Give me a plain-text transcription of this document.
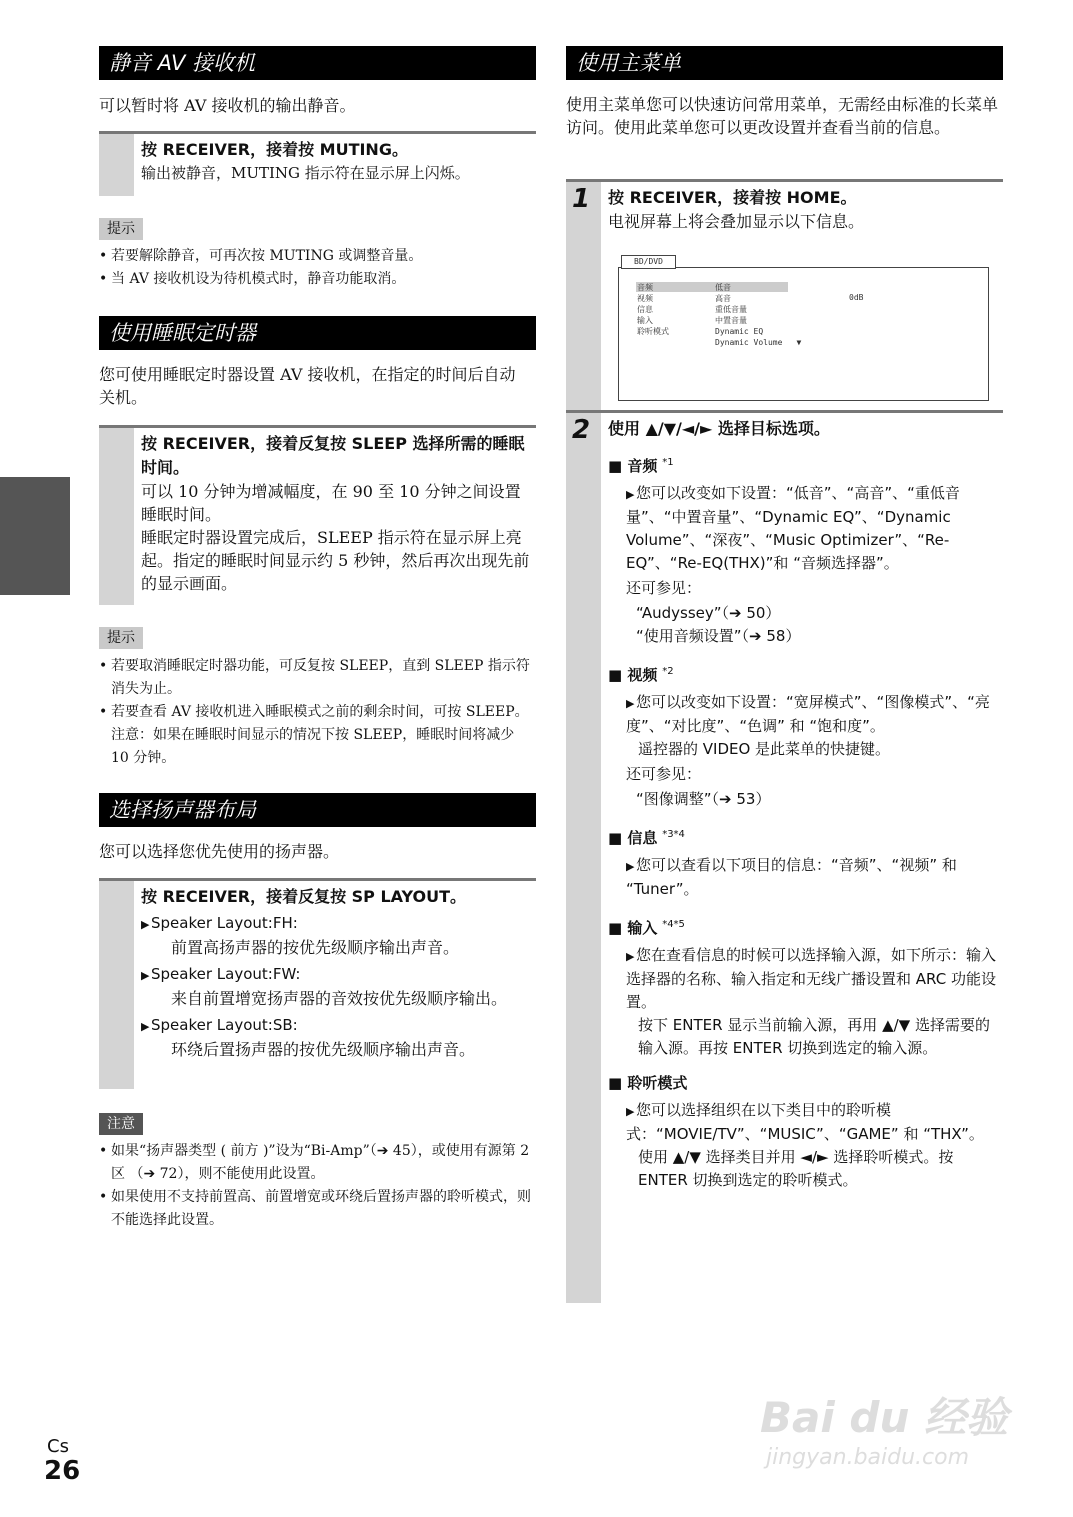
静音 AV 接收机
可以暂时将 AV 接收机的输出静音。
按 RECEIVER，接着按 MUTING。
输出被静音，MUTING 指示符在显示屏上闪烁。
提示
• 若要解除静音，可再次按 MUTING 或调整音量。
• 当 AV 接收机设为待机模式时，静音功能取消。
使用睡眠定时器
您可使用睡眠定时器设置 AV 接收机，在指定的时间后自动关机。
按 RECEIVER，接着反复按 SLEEP 选择所需的睡眠时间。
可以 10 分钟为增减幅度，在 90 至 10 分钟之间设置睡眠时间。
睡眠定时器设置完成后，SLEEP 指示符在显示屏上亮起。指定的睡眠时间显示约 5 秒钟，然后再次出现先前的显示画面。
提示
• 若要取消睡眠定时器功能，可反复按 SLEEP，直到 SLEEP 指示符消失为止。
• 若要查看 AV 接收机进入睡眠模式之前的剩余时间，可按 SLEEP。注意：如果在睡眠时间显示的情况下按 SLEEP，睡眠时间将减少 10 分钟。
选择扬声器布局
您可以选择您优先使用的扬声器。
按 RECEIVER，接着反复按 SP LAYOUT。
▶ Speaker Layout:FH:
前置高扬声器的按优先级顺序输出声音。
▶ Speaker Layout:FW:
来自前置增宽扬声器的音效按优先级顺序输出。
▶ Speaker Layout:SB:
环绕后置扬声器的按优先级顺序输出声音。
注意
• 如果“扬声器类型 ( 前方 )”设为“Bi-Amp”（➔ 45），或使用有源第 2 区 （➔ 72），则不能使用此设置。
• 如果使用不支持前置高、前置增宽或环绕后置扬声器的聆听模式，则不能选择此设置。
使用主菜单
使用主菜单您可以快速访问常用菜单，无需经由标准的长菜单访问。使用此菜单您可以更改设置并查看当前的信息。
1 按 RECEIVER，接着按 HOME。
电视屏幕上将会叠加显示以下信息。
BD/DVD
音频
视频
信息
输入
聆听模式
低音
高音
重低音量
中置音量
Dynamic EQ
Dynamic Volume ▼
0dB
2 使用 ▲/▼/◄/► 选择目标选项。
■ 音频 $^{*1}$
▶ 您可以改变如下设置：“低音”、“高音”、“重低音量”、“中置音量”、“Dynamic EQ”、“Dynamic Volume”、“深夜”、“Music Optimizer”、“Re-EQ”、“Re-EQ(THX)”和 “音频选择器”。
还可参见：
“Audyssey”（➔ 50）
“使用音频设置”（➔ 58）
■ 视频 $^{*2}$
▶ 您可以改变如下设置：“宽屏模式”、“图像模式”、“亮度”、“对比度”、“色调” 和 “饱和度”。
遥控器的 VIDEO 是此菜单的快捷键。
还可参见：
“图像调整”（➔ 53）
■ 信息 $^{*3*4}$
▶ 您可以查看以下项目的信息：“音频”、“视频” 和 “Tuner”。
■ 输入 $^{*4*5}$
▶ 您在查看信息的时候可以选择输入源，如下所示：输入选择器的名称、输入指定和无线广播设置和 ARC 功能设置。
按下 ENTER 显示当前输入源，再用 ▲/▼ 选择需要的输入源。再按 ENTER 切换到选定的输入源。
■ 聆听模式
▶ 您可以选择组织在以下类目中的聆听模式：“MOVIE/TV”、“MUSIC”、“GAME” 和 “THX”。
使用 ▲/▼ 选择类目并用 ◄/► 选择聆听模式。按 ENTER 切换到选定的聆听模式。
Cs
26
Bai du 经验
jingyan.baidu.com
